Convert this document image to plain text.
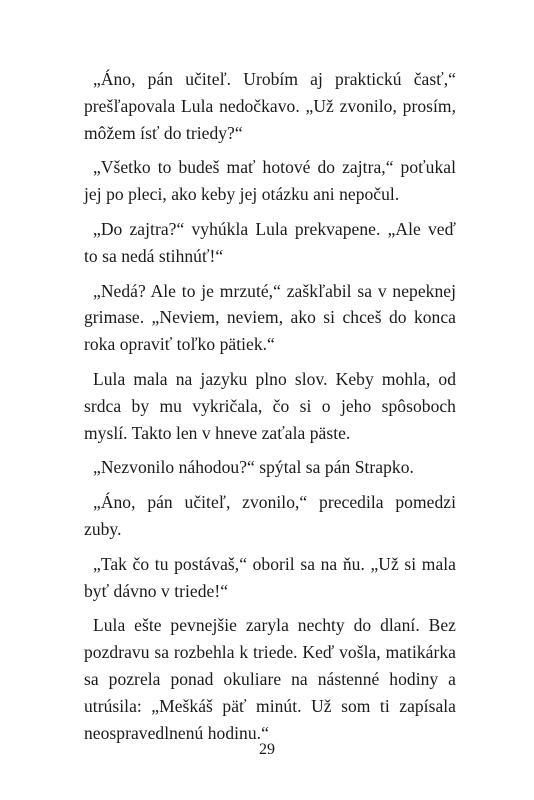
„Áno, pán učiteľ. Urobím aj praktickú časť,“ prešľapovala Lula nedočkavo. „Už zvonilo, prosím, môžem ísť do triedy?“

„Všetko to budeš mať hotové do zajtra,“ poťukal jej po pleci, ako keby jej otázku ani nepočul.

„Do zajtra?“ vyhúkla Lula prekvapene. „Ale veď to sa nedá stihnúť!“

„Nedá? Ale to je mrzuté,“ zaškľabil sa v nepeknej grimase. „Neviem, neviem, ako si chceš do konca roka opraviť toľko pätiek.“

Lula mala na jazyku plno slov. Keby mohla, od srdca by mu vykričala, čo si o jeho spôsoboch myslí. Takto len v hneve zaťala päste.

„Nezvonilo náhodou?“ spýtal sa pán Strapko.

„Áno, pán učiteľ, zvonilo,“ precedila pomedzi zuby.

„Tak čo tu postávaš,“ oboril sa na ňu. „Už si mala byť dávno v triede!“

Lula ešte pevnejšie zaryla nechty do dlaní. Bez pozdravu sa rozbehla k triede. Keď vošla, matikárka sa pozrela ponad okuliare na nástenné hodiny a utrúsila: „Meškáš päť minút. Už som ti zapísala neospravedlnenú hodinu.“

29
